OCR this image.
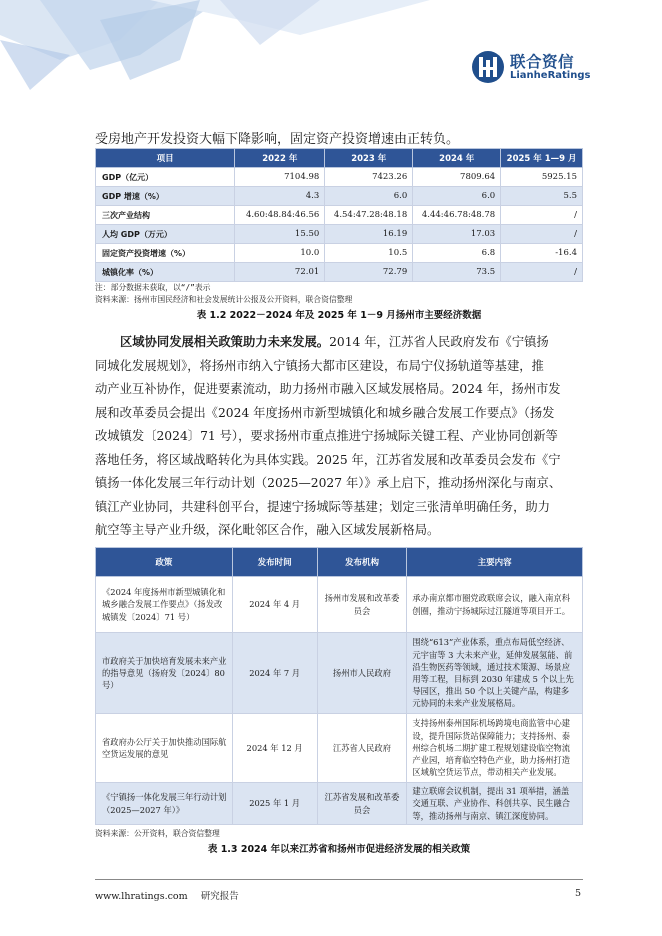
联合资信
LianheRatings
受房地产开发投资大幅下降影响，固定资产投资增速由正转负。
项目	2022 年	2023 年	2024 年	2025 年 1—9 月
GDP（亿元）	7104.98	7423.26	7809.64	5925.15
GDP 增速（%）	4.3	6.0	6.0	5.5
三次产业结构	4.60:48.84:46.56	4.54:47.28:48.18	4.44:46.78:48.78	/
人均 GDP（万元）	15.50	16.19	17.03	/
固定资产投资增速（%）	10.0	10.5	6.8	-16.4
城镇化率（%）	72.01	72.79	73.5	/
注：部分数据未获取，以“/”表示
资料来源：扬州市国民经济和社会发展统计公报及公开资料，联合资信整理
表 1.2 2022－2024 年及 2025 年 1－9 月扬州市主要经济数据

区域协同发展相关政策助力未来发展。2014 年，江苏省人民政府发布《宁镇扬

同城化发展规划》，将扬州市纳入宁镇扬大都市区建设，布局宁仪扬轨道等基建，推

动产业互补协作，促进要素流动，助力扬州市融入区域发展格局。2024 年，扬州市发

展和改革委员会提出《2024 年度扬州市新型城镇化和城乡融合发展工作要点》（扬发

改城镇发〔2024〕71 号），要求扬州市重点推进宁扬城际关键工程、产业协同创新等

落地任务，将区域战略转化为具体实践。2025 年，江苏省发展和改革委员会发布《宁

镇扬一体化发展三年行动计划（2025—2027 年）》承上启下，推动扬州深化与南京、

镇江产业协同，共建科创平台，提速宁扬城际等基建；划定三张清单明确任务，助力

航空等主导产业升级，深化毗邻区合作，融入区域发展新格局。

政策	发布时间	发布机构	主要内容
《2024 年度扬州市新型城镇化和城乡融合发展工作要点》（扬发改城镇发〔2024〕71 号）	2024 年 4 月	扬州市发展和改革委员会	承办南京都市圈党政联席会议，融入南京科创圈，推动宁扬城际过江隧道等项目开工。
市政府关于加快培育发展未来产业的指导意见（扬府发〔2024〕80 号）	2024 年 7 月	扬州市人民政府	围绕“613”产业体系，重点布局低空经济、元宇宙等 3 大未来产业，延伸发展氢能、前沿生物医药等领域，通过技术策源、场景应用等工程，目标到 2030 年建成 5 个以上先导园区，推出 50 个以上关键产品，构建多元协同的未来产业发展格局。
省政府办公厅关于加快推动国际航空货运发展的意见	2024 年 12 月	江苏省人民政府	支持扬州泰州国际机场跨境电商监管中心建设，提升国际货站保障能力；支持扬州、泰州综合机场二期扩建工程规划建设临空物流产业园，培育临空特色产业，助力扬州打造区域航空货运节点，带动相关产业发展。
《宁镇扬一体化发展三年行动计划（2025—2027 年）》	2025 年 1 月	江苏省发展和改革委员会	建立联席会议机制，提出 31 项举措，涵盖交通互联、产业协作、科创共享、民生融合等，推动扬州与南京、镇江深度协同。
资料来源：公开资料，联合资信整理
表 1.3 2024 年以来江苏省和扬州市促进经济发展的相关政策
www.lhratings.com 研究报告	5
